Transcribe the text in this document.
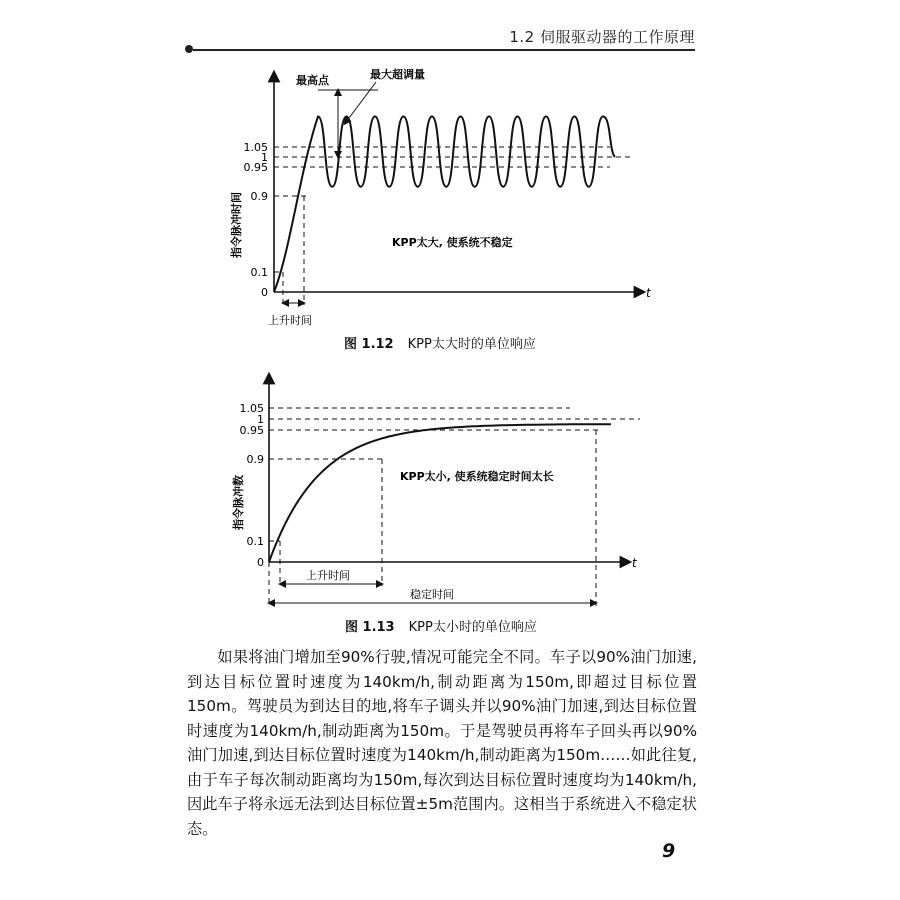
1.2 伺服驱动器的工作原理
1.05
1
0.95
0.9
0.1
0	t
指令脉冲时间
最高点	最大超调量
KPP太大, 使系统不稳定
上升时间
图 1.12 KPP太大时的单位响应
1.05
1
0.95
0.9
0.1
0	t
指令脉冲数	KPP太小, 使系统稳定时间太长
上升时间
稳定时间
图 1.13 KPP太小时的单位响应

如果将油门增加至90%行驶,情况可能完全不同。车子以90%油门加速,到达目标位置时速度为140km/h,制动距离为150m,即超过目标位置150m。驾驶员为到达目的地,将车子调头并以90%油门加速,到达目标位置时速度为140km/h,制动距离为150m。于是驾驶员再将车子回头再以90%油门加速,到达目标位置时速度为140km/h,制动距离为150m……如此往复,由于车子每次制动距离均为150m,每次到达目标位置时速度均为140km/h,因此车子将永远无法到达目标位置±5m范围内。这相当于系统进入不稳定状态。

9
